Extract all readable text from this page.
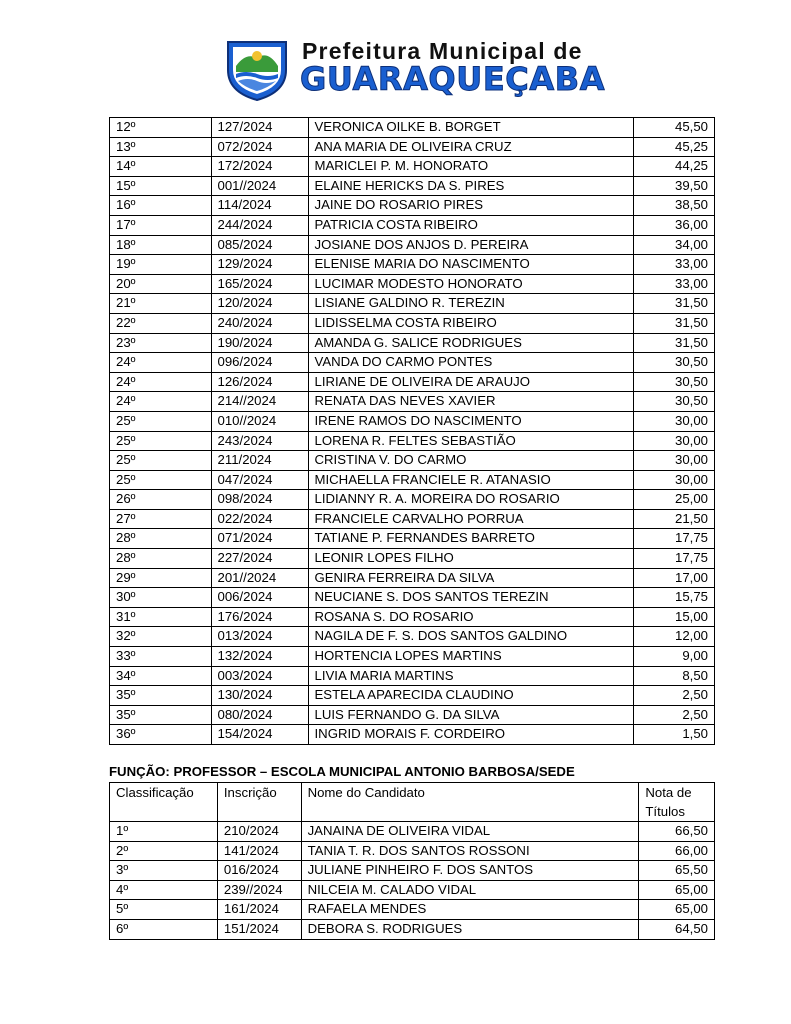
Prefeitura Municipal de
GUARAQUEÇABA
12º	127/2024	VERONICA OILKE B. BORGET	45,50
13º	072/2024	ANA MARIA DE OLIVEIRA CRUZ	45,25
14º	172/2024	MARICLEI P. M. HONORATO	44,25
15º	001//2024	ELAINE HERICKS DA S. PIRES	39,50
16º	114/2024	JAINE DO ROSARIO PIRES	38,50
17º	244/2024	PATRICIA COSTA RIBEIRO	36,00
18º	085/2024	JOSIANE DOS ANJOS D. PEREIRA	34,00
19º	129/2024	ELENISE MARIA DO NASCIMENTO	33,00
20º	165/2024	LUCIMAR MODESTO HONORATO	33,00
21º	120/2024	LISIANE GALDINO R. TEREZIN	31,50
22º	240/2024	LIDISSELMA COSTA RIBEIRO	31,50
23º	190/2024	AMANDA G. SALICE RODRIGUES	31,50
24º	096/2024	VANDA DO CARMO PONTES	30,50
24º	126/2024	LIRIANE DE OLIVEIRA DE ARAUJO	30,50
24º	214//2024	RENATA DAS NEVES XAVIER	30,50
25º	010//2024	IRENE RAMOS DO NASCIMENTO	30,00
25º	243/2024	LORENA R. FELTES SEBASTIÃO	30,00
25º	211/2024	CRISTINA V. DO CARMO	30,00
25º	047/2024	MICHAELLA FRANCIELE R. ATANASIO	30,00
26º	098/2024	LIDIANNY R. A. MOREIRA DO ROSARIO	25,00
27º	022/2024	FRANCIELE CARVALHO PORRUA	21,50
28º	071/2024	TATIANE P. FERNANDES BARRETO	17,75
28º	227/2024	LEONIR LOPES FILHO	17,75
29º	201//2024	GENIRA FERREIRA DA SILVA	17,00
30º	006/2024	NEUCIANE S. DOS SANTOS TEREZIN	15,75
31º	176/2024	ROSANA S. DO ROSARIO	15,00
32º	013/2024	NAGILA DE F. S. DOS SANTOS GALDINO	12,00
33º	132/2024	HORTENCIA LOPES MARTINS	9,00
34º	003/2024	LIVIA MARIA MARTINS	8,50
35º	130/2024	ESTELA APARECIDA CLAUDINO	2,50
35º	080/2024	LUIS FERNANDO G. DA SILVA	2,50
36º	154/2024	INGRID MORAIS F. CORDEIRO	1,50
FUNÇÃO: PROFESSOR – ESCOLA MUNICIPAL ANTONIO BARBOSA/SEDE
Classificação	Inscrição	Nome do Candidato	Nota de
Títulos
1º	210/2024	JANAINA DE OLIVEIRA VIDAL	66,50
2º	141/2024	TANIA T. R. DOS SANTOS ROSSONI	66,00
3º	016/2024	JULIANE PINHEIRO F. DOS SANTOS	65,50
4º	239//2024	NILCEIA M. CALADO VIDAL	65,00
5º	161/2024	RAFAELA MENDES	65,00
6º	151/2024	DEBORA S. RODRIGUES	64,50
